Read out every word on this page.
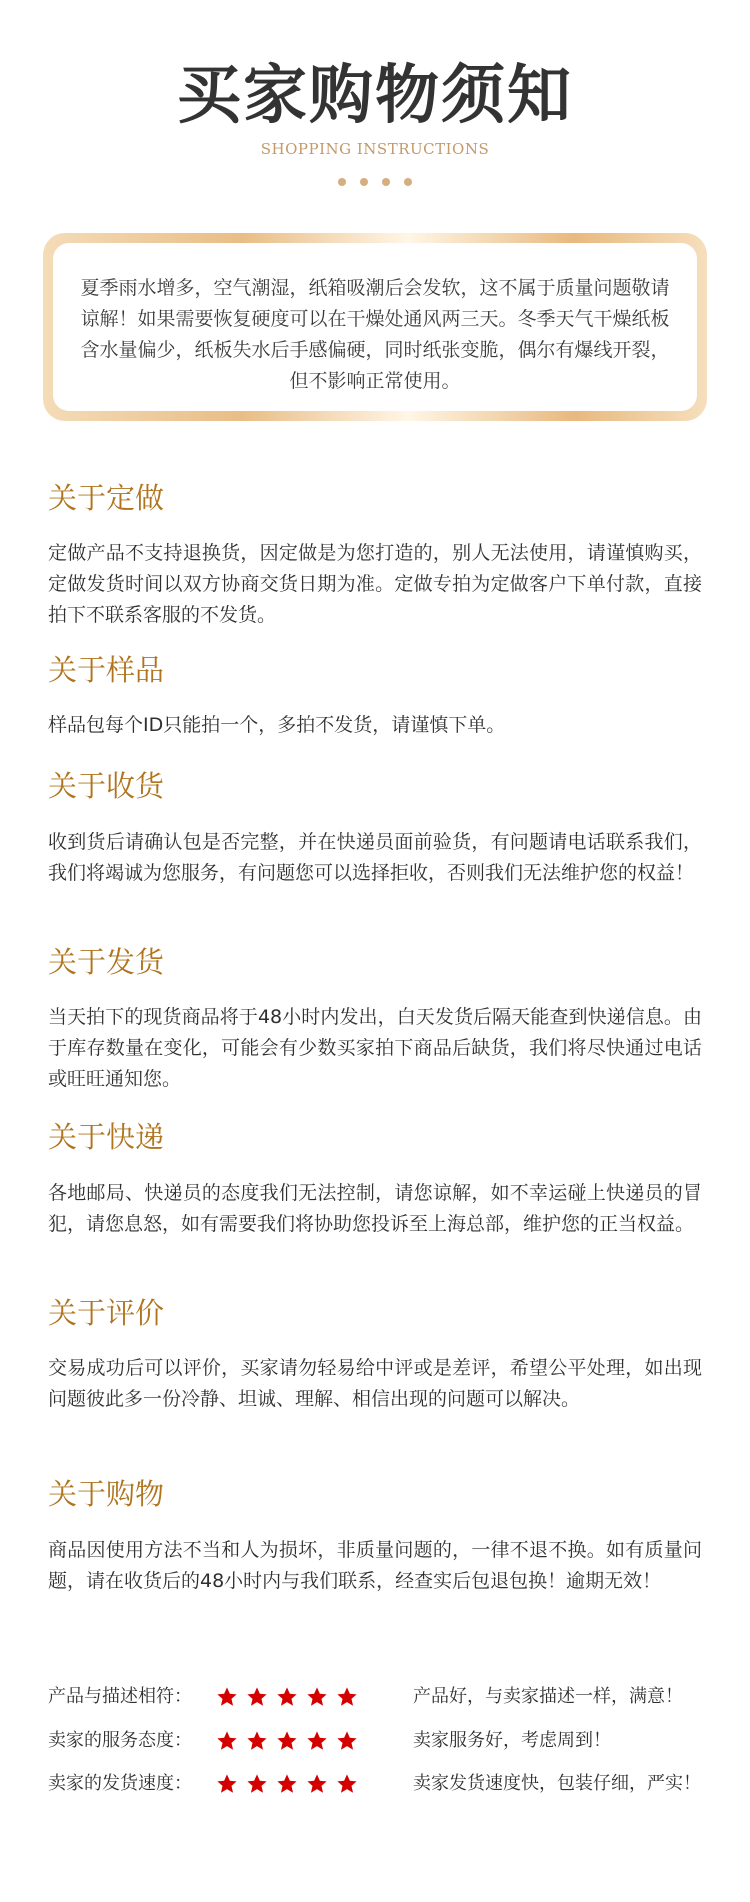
买家购物须知
SHOPPING INSTRUCTIONS
夏季雨水增多，空气潮湿，纸箱吸潮后会发软，这不属于质量问题敬请谅解！如果需要恢复硬度可以在干燥处通风两三天。冬季天气干燥纸板含水量偏少，纸板失水后手感偏硬，同时纸张变脆，偶尔有爆线开裂，但不影响正常使用。
关于定做
定做产品不支持退换货，因定做是为您打造的，别人无法使用，请谨慎购买，定做发货时间以双方协商交货日期为准。定做专拍为定做客户下单付款，直接拍下不联系客服的不发货。
关于样品
样品包每个ID只能拍一个，多拍不发货，请谨慎下单。
关于收货
收到货后请确认包是否完整，并在快递员面前验货，有问题请电话联系我们，我们将竭诚为您服务，有问题您可以选择拒收，否则我们无法维护您的权益！
关于发货
当天拍下的现货商品将于48小时内发出，白天发货后隔天能查到快递信息。由于库存数量在变化，可能会有少数买家拍下商品后缺货，我们将尽快通过电话或旺旺通知您。
关于快递
各地邮局、快递员的态度我们无法控制，请您谅解，如不幸运碰上快递员的冒犯，请您息怒，如有需要我们将协助您投诉至上海总部，维护您的正当权益。
关于评价
交易成功后可以评价，买家请勿轻易给中评或是差评，希望公平处理，如出现问题彼此多一份冷静、坦诚、理解、相信出现的问题可以解决。
关于购物
商品因使用方法不当和人为损坏，非质量问题的，一律不退不换。如有质量问题，请在收货后的48小时内与我们联系，经查实后包退包换！逾期无效！
产品与描述相符：	产品好，与卖家描述一样，满意！
卖家的服务态度：	卖家服务好，考虑周到！
卖家的发货速度：	卖家发货速度快，包装仔细，严实！
